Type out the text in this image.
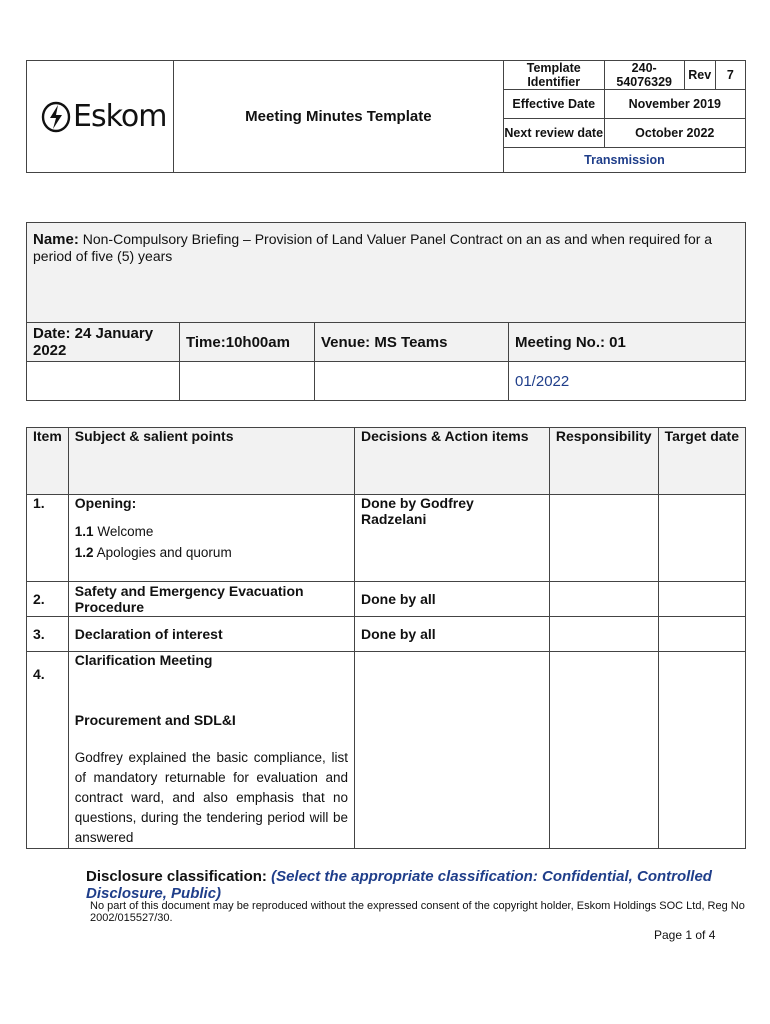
Eskom	Meeting Minutes Template	Template Identifier	240-54076329	Rev	7
		Effective Date	November 2019		
		Next review date	October 2022		
		Transmission			
Name: Non-Compulsory Briefing – Provision of Land Valuer Panel Contract on an as and when required for a period of five (5) years			
Date: 24 January 2022	Time:10h00am	Venue: MS Teams	Meeting No.: 01
			01/2022
Item	Subject & salient points	Decisions & Action items	Responsibility	Target date
1.	Opening:
1.1 Welcome
1.2 Apologies and quorum	Done by Godfrey Radzelani		
2.	Safety and Emergency Evacuation Procedure	Done by all		
3.	Declaration of interest	Done by all		
4.	Clarification Meeting
Procurement and SDL&I
Godfrey explained the basic compliance, list of mandatory returnable for evaluation and contract ward, and also emphasis that no questions, during the tendering period will be answered			

Disclosure classification: (Select the appropriate classification: Confidential, Controlled Disclosure, Public)
No part of this document may be reproduced without the expressed consent of the copyright holder, Eskom Holdings SOC Ltd, Reg No 2002/015527/30.
Page 1 of 4
